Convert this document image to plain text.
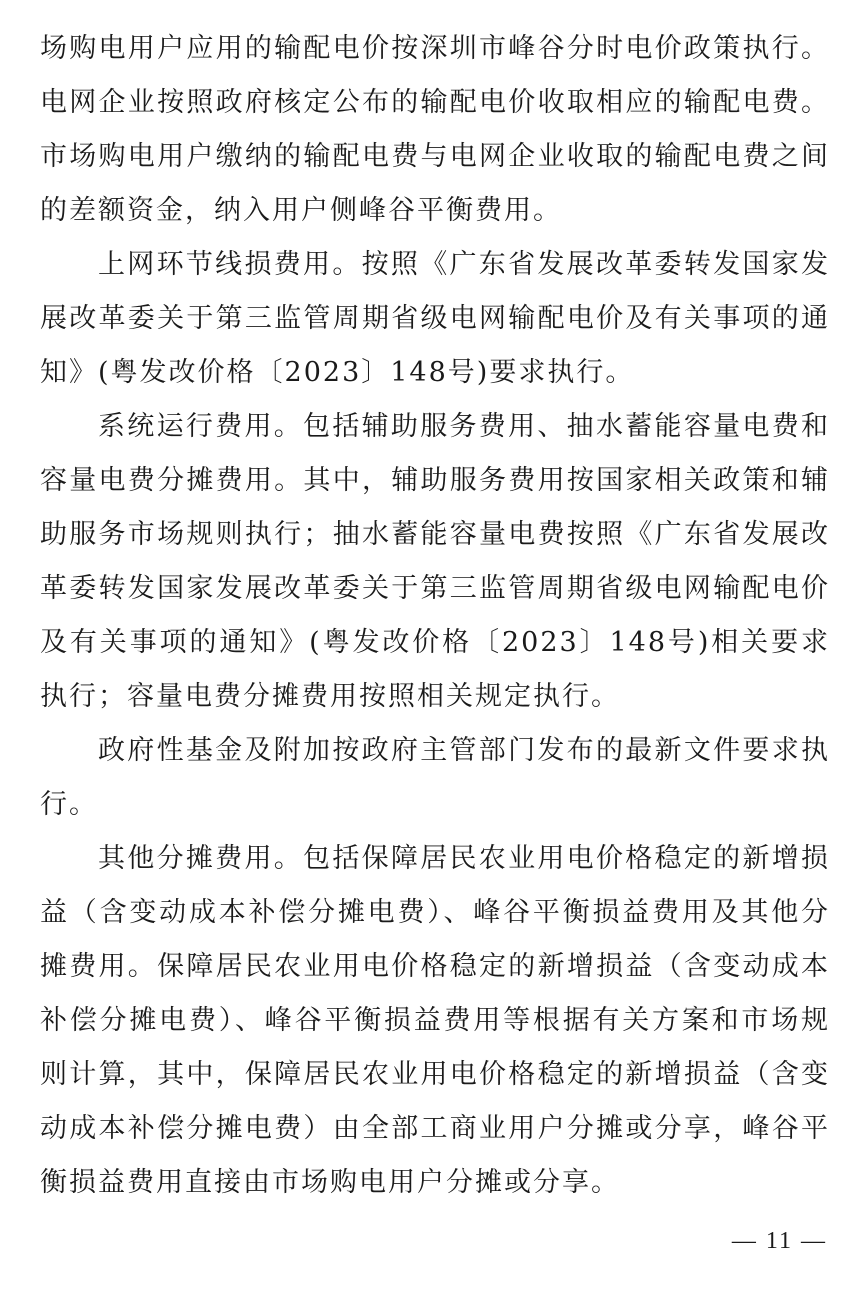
场购电用户应用的输配电价按深圳市峰谷分时电价政策执行。电网企业按照政府核定公布的输配电价收取相应的输配电费。市场购电用户缴纳的输配电费与电网企业收取的输配电费之间的差额资金，纳入用户侧峰谷平衡费用。

上网环节线损费用。按照《广东省发展改革委转发国家发展改革委关于第三监管周期省级电网输配电价及有关事项的通知》(粤发改价格〔2023〕148号)要求执行。

系统运行费用。包括辅助服务费用、抽水蓄能容量电费和容量电费分摊费用。其中，辅助服务费用按国家相关政策和辅助服务市场规则执行；抽水蓄能容量电费按照《广东省发展改革委转发国家发展改革委关于第三监管周期省级电网输配电价及有关事项的通知》(粤发改价格〔2023〕148号)相关要求执行；容量电费分摊费用按照相关规定执行。

政府性基金及附加按政府主管部门发布的最新文件要求执行。

其他分摊费用。包括保障居民农业用电价格稳定的新增损益（含变动成本补偿分摊电费）、峰谷平衡损益费用及其他分摊费用。保障居民农业用电价格稳定的新增损益（含变动成本补偿分摊电费）、峰谷平衡损益费用等根据有关方案和市场规则计算，其中，保障居民农业用电价格稳定的新增损益（含变动成本补偿分摊电费）由全部工商业用户分摊或分享，峰谷平衡损益费用直接由市场购电用户分摊或分享。

— 11 —
